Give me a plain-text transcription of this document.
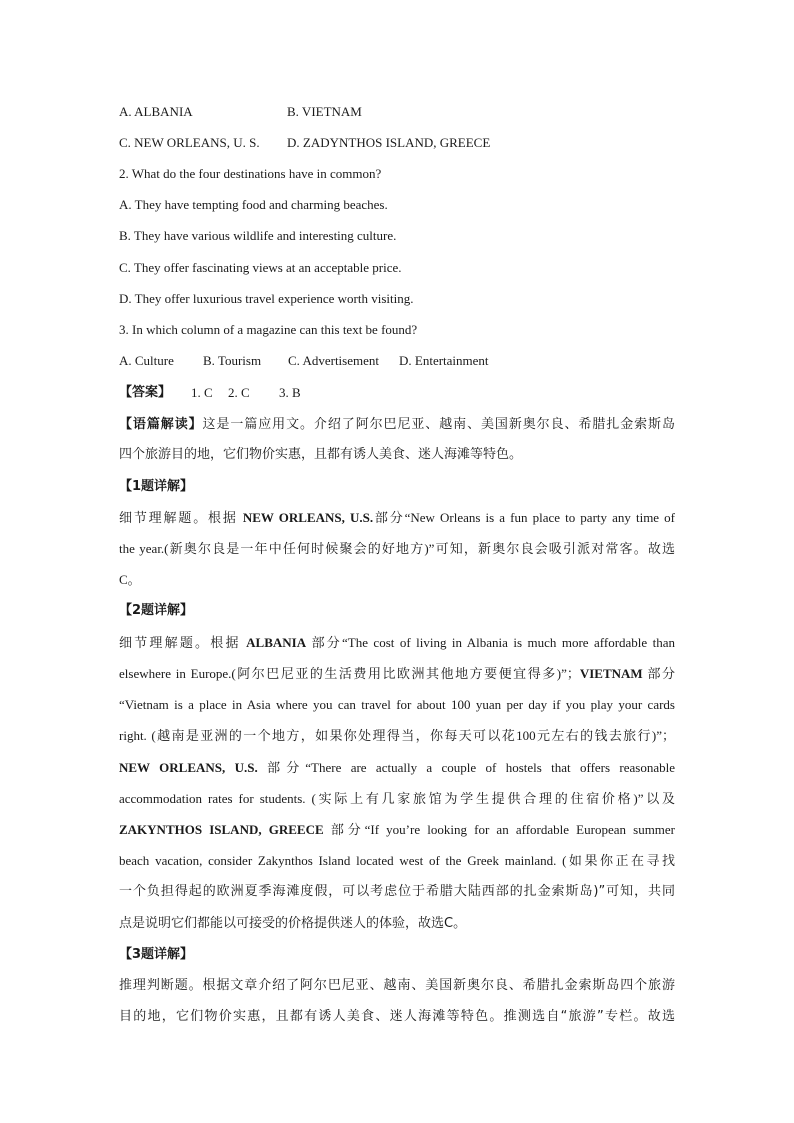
A. ALBANIA	B. VIETNAM
C. NEW ORLEANS, U. S. D. ZADYNTHOS ISLAND, GREECE
2. What do the four destinations have in common?
A. They have tempting food and charming beaches.
B. They have various wildlife and interesting culture.
C. They offer fascinating views at an acceptable price.
D. They offer luxurious travel experience worth visiting.
3. In which column of a magazine can this text be found?
A. Culture B. Tourism C. Advertisement D. Entertainment
【答案】 1. C 2. C 3. B
【语篇解读】这是一篇应用文。介绍了阿尔巴尼亚、越南、美国新奥尔良、希腊扎金索斯岛
四个旅游目的地，它们物价实惠，且都有诱人美食、迷人海滩等特色。
【1题详解】
细节理解题。根据 NEW ORLEANS, U.S.部分“New Orleans is a fun place to party any time of
the year.(新奥尔良是一年中任何时候聚会的好地方)”可知，新奥尔良会吸引派对常客。故选
C。
【2题详解】
细节理解题。根据 ALBANIA 部分“The cost of living in Albania is much more affordable than
elsewhere in Europe.(阿尔巴尼亚的生活费用比欧洲其他地方要便宜得多)”；VIETNAM 部分
“Vietnam is a place in Asia where you can travel for about 100 yuan per day if you play your cards
right. (越南是亚洲的一个地方，如果你处理得当，你每天可以花100元左右的钱去旅行)”；
NEW ORLEANS, U.S. 部分“There are actually a couple of hostels that offers reasonable
accommodation rates for students. (实际上有几家旅馆为学生提供合理的住宿价格)”以及
ZAKYNTHOS ISLAND, GREECE 部分“If you’re looking for an affordable European summer
beach vacation, consider Zakynthos Island located west of the Greek mainland. (如果你正在寻找
一个负担得起的欧洲夏季海滩度假，可以考虑位于希腊大陆西部的扎金索斯岛)”可知，共同
点是说明它们都能以可接受的价格提供迷人的体验，故选C。
【3题详解】
推理判断题。根据文章介绍了阿尔巴尼亚、越南、美国新奥尔良、希腊扎金索斯岛四个旅游
目的地，它们物价实惠，且都有诱人美食、迷人海滩等特色。推测选自“旅游”专栏。故选
